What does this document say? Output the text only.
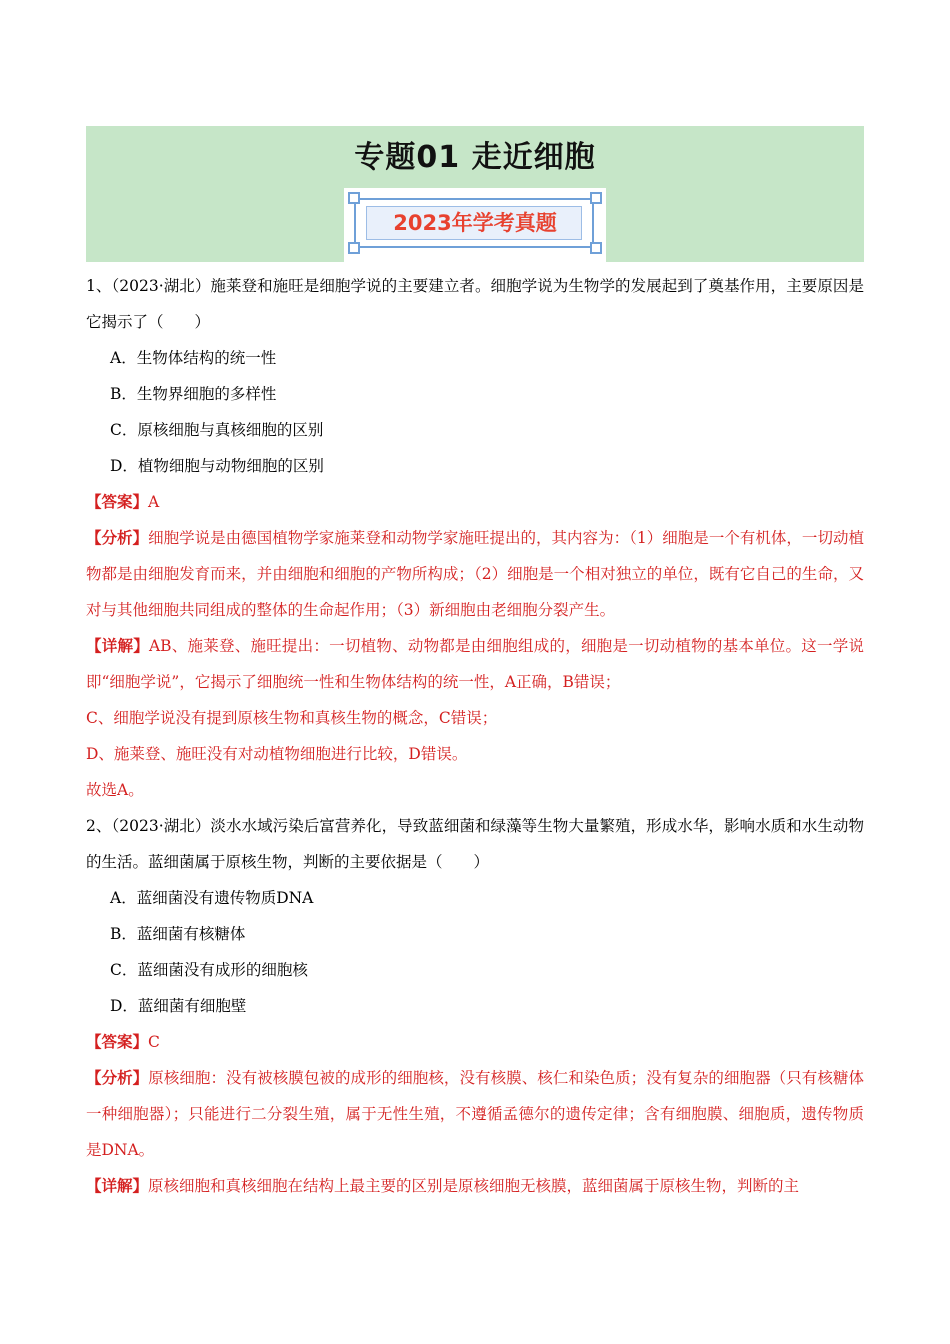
专题01 走近细胞
2023年学考真题

1、（2023·湖北）施莱登和施旺是细胞学说的主要建立者。细胞学说为生物学的发展起到了奠基作用，主要原因是它揭示了（　　）

A．生物体结构的统一性

B．生物界细胞的多样性

C．原核细胞与真核细胞的区别

D．植物细胞与动物细胞的区别

【答案】A

【分析】细胞学说是由德国植物学家施莱登和动物学家施旺提出的，其内容为：（1）细胞是一个有机体，一切动植物都是由细胞发育而来，并由细胞和细胞的产物所构成；（2）细胞是一个相对独立的单位，既有它自己的生命，又对与其他细胞共同组成的整体的生命起作用；（3）新细胞由老细胞分裂产生。

【详解】AB、施莱登、施旺提出：一切植物、动物都是由细胞组成的，细胞是一切动植物的基本单位。这一学说即“细胞学说”，它揭示了细胞统一性和生物体结构的统一性，A正确，B错误；

C、细胞学说没有提到原核生物和真核生物的概念，C错误；

D、施莱登、施旺没有对动植物细胞进行比较，D错误。

故选A。

2、（2023·湖北）淡水水域污染后富营养化，导致蓝细菌和绿藻等生物大量繁殖，形成水华，影响水质和水生动物的生活。蓝细菌属于原核生物，判断的主要依据是（　　）

A．蓝细菌没有遗传物质DNA

B．蓝细菌有核糖体

C．蓝细菌没有成形的细胞核

D．蓝细菌有细胞壁

【答案】C

【分析】原核细胞：没有被核膜包被的成形的细胞核，没有核膜、核仁和染色质；没有复杂的细胞器（只有核糖体一种细胞器）；只能进行二分裂生殖，属于无性生殖，不遵循孟德尔的遗传定律；含有细胞膜、细胞质，遗传物质是DNA。

【详解】原核细胞和真核细胞在结构上最主要的区别是原核细胞无核膜，蓝细菌属于原核生物，判断的主
